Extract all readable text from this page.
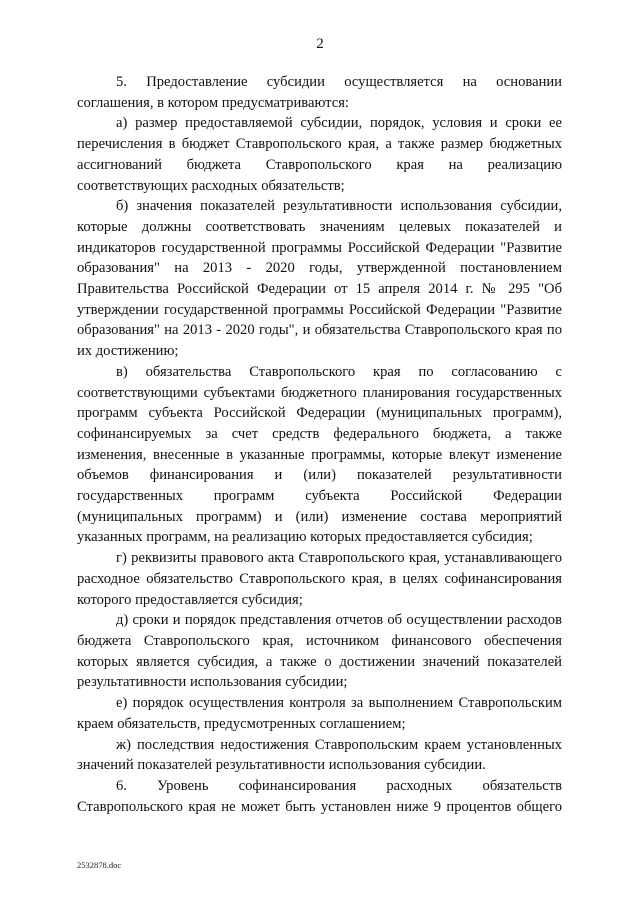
2

5. Предоставление субсидии осуществляется на основании соглашения, в котором предусматриваются:

а) размер предоставляемой субсидии, порядок, условия и сроки ее перечисления в бюджет Ставропольского края, а также размер бюджетных ассигнований бюджета Ставропольского края на реализацию соответствующих расходных обязательств;

б) значения показателей результативности использования субсидии, которые должны соответствовать значениям целевых показателей и индикаторов государственной программы Российской Федерации "Развитие образования" на 2013 - 2020 годы, утвержденной постановлением Правительства Российской Федерации от 15 апреля 2014 г. № 295 "Об утверждении государственной программы Российской Федерации "Развитие образования" на 2013 - 2020 годы", и обязательства Ставропольского края по их достижению;

в) обязательства Ставропольского края по согласованию с соответствующими субъектами бюджетного планирования государственных программ субъекта Российской Федерации (муниципальных программ), софинансируемых за счет средств федерального бюджета, а также изменения, внесенные в указанные программы, которые влекут изменение объемов финансирования и (или) показателей результативности государственных программ субъекта Российской Федерации (муниципальных программ) и (или) изменение состава мероприятий указанных программ, на реализацию которых предоставляется субсидия;

г) реквизиты правового акта Ставропольского края, устанавливающего расходное обязательство Ставропольского края, в целях софинансирования которого предоставляется субсидия;

д) сроки и порядок представления отчетов об осуществлении расходов бюджета Ставропольского края, источником финансового обеспечения которых является субсидия, а также о достижении значений показателей результативности использования субсидии;

е) порядок осуществления контроля за выполнением Ставропольским краем обязательств, предусмотренных соглашением;

ж) последствия недостижения Ставропольским краем установленных значений показателей результативности использования субсидии.

6. Уровень софинансирования расходных обязательств Ставропольского края не может быть установлен ниже 9 процентов общего

2532878.doc
